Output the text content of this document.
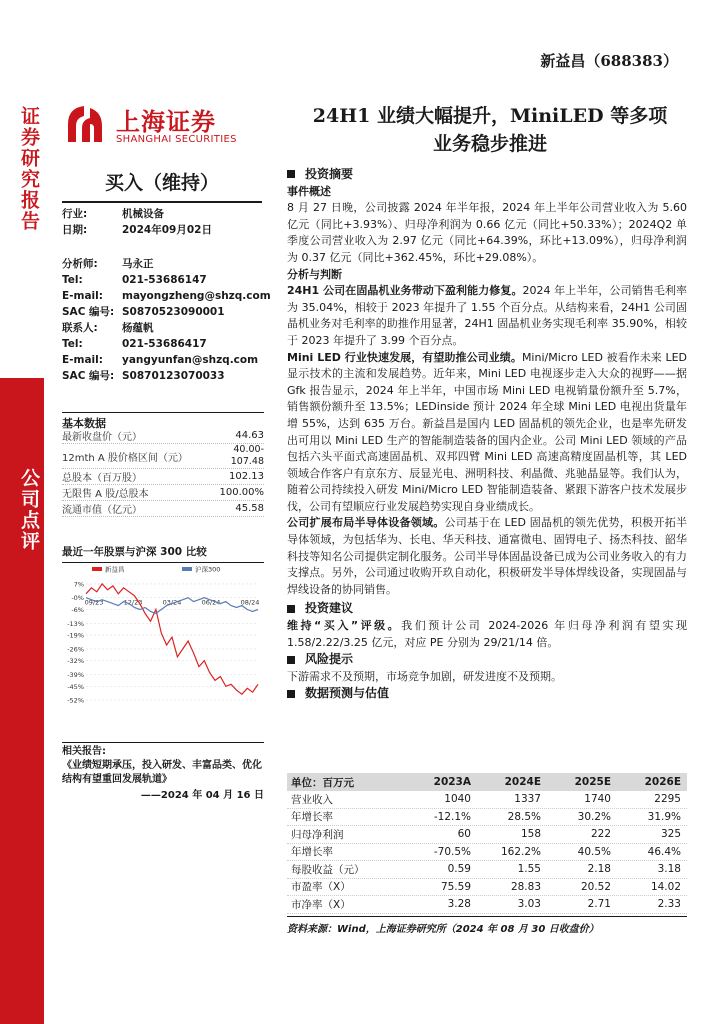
证券研究报告
公司点评
新益昌（688383）
上海证券
SHANGHAI SECURITIES
24H1 业绩大幅提升，MiniLED 等多项
业务稳步推进
买入（维持）
行业:	机械设备
日期:	2024年09月02日
分析师: 马永正
Tel:	021-53686147
E-mail: mayongzheng@shzq.com
SAC 编号: S0870523090001
联系人: 杨蕴帆
Tel:	021-53686417
E-mail: yangyunfan@shzq.com
SAC 编号: S0870123070033
基本数据
最新收盘价（元）	44.63
12mth A 股价格区间（元）
40.00-107.48
总股本（百万股）	102.13
无限售 A 股/总股本	100.00%
流通市值（亿元）	45.58
最近一年股票与沪深 300 比较
7%
-0%
-6%
-13%
-19%
-26%
-32%
-39%
-45%
-52%
09/23	12/23	03/24	06/24	08/24
新益昌	沪深300
相关报告:
《业绩短期承压，投入研发、丰富品类、优化结构有望重回发展轨道》
——2024 年 04 月 16 日
投资摘要
事件概述
8 月 27 日晚，公司披露 2024 年半年报，2024 年上半年公司营业收入为 5.60 亿元（同比+3.93%）、归母净利润为 0.66 亿元（同比+50.33%）；2024Q2 单季度公司营业收入为 2.97 亿元（同比+64.39%，环比+13.09%），归母净利润为 0.37 亿元（同比+362.45%，环比+29.08%）。
分析与判断
24H1 公司在固晶机业务带动下盈利能力修复。2024 年上半年，公司销售毛利率为 35.04%，相较于 2023 年提升了 1.55 个百分点。从结构来看，24H1 公司固晶机业务对毛利率的助推作用显著，24H1 固晶机业务实现毛利率 35.90%，相较于 2023 年提升了 3.99 个百分点。
Mini LED 行业快速发展，有望助推公司业绩。Mini/Micro LED 被看作未来 LED 显示技术的主流和发展趋势。近年来，Mini LED 电视逐步走入大众的视野——据 Gfk 报告显示，2024 年上半年，中国市场 Mini LED 电视销量份额升至 5.7%，销售额份额升至 13.5%；LEDinside 预计 2024 年全球 Mini LED 电视出货量年增 55%，达到 635 万台。新益昌是国内 LED 固晶机的领先企业，也是率先研发出可用以 Mini LED 生产的智能制造装备的国内企业。公司 Mini LED 领域的产品包括六头平面式高速固晶机、双邦四臂 Mini LED 高速高精度固晶机等，其 LED 领域合作客户有京东方、辰显光电、洲明科技、利晶微、兆驰晶显等。我们认为，随着公司持续投入研发 Mini/Micro LED 智能制造装备、紧跟下游客户技术发展步伐，公司有望顺应行业发展趋势实现自身业绩成长。
公司扩展布局半导体设备领域。公司基于在 LED 固晶机的领先优势，积极开拓半导体领域，为包括华为、长电、华天科技、通富微电、固锝电子、扬杰科技、韶华科技等知名公司提供定制化服务。公司半导体固晶设备已成为公司业务收入的有力支撑点。另外，公司通过收购开玖自动化，积极研发半导体焊线设备，实现固晶与焊线设备的协同销售。
投资建议
维持“买入”评级。我们预计公司 2024-2026 年归母净利润有望实现 1.58/2.22/3.25 亿元，对应 PE 分别为 29/21/14 倍。
风险提示
下游需求不及预期，市场竞争加剧，研发进度不及预期。
数据预测与估值
单位：百万元	2023A	2024E	2025E	2026E
营业收入	1040	1337	1740	2295
年增长率	-12.1%	28.5%	30.2%	31.9%
归母净利润	60	158	222	325
年增长率	-70.5%	162.2%	40.5%	46.4%
每股收益（元）	0.59	1.55	2.18	3.18
市盈率（X）	75.59	28.83	20.52	14.02
市净率（X）	3.28	3.03	2.71	2.33
资料来源：Wind，上海证券研究所（2024 年 08 月 30 日收盘价）
